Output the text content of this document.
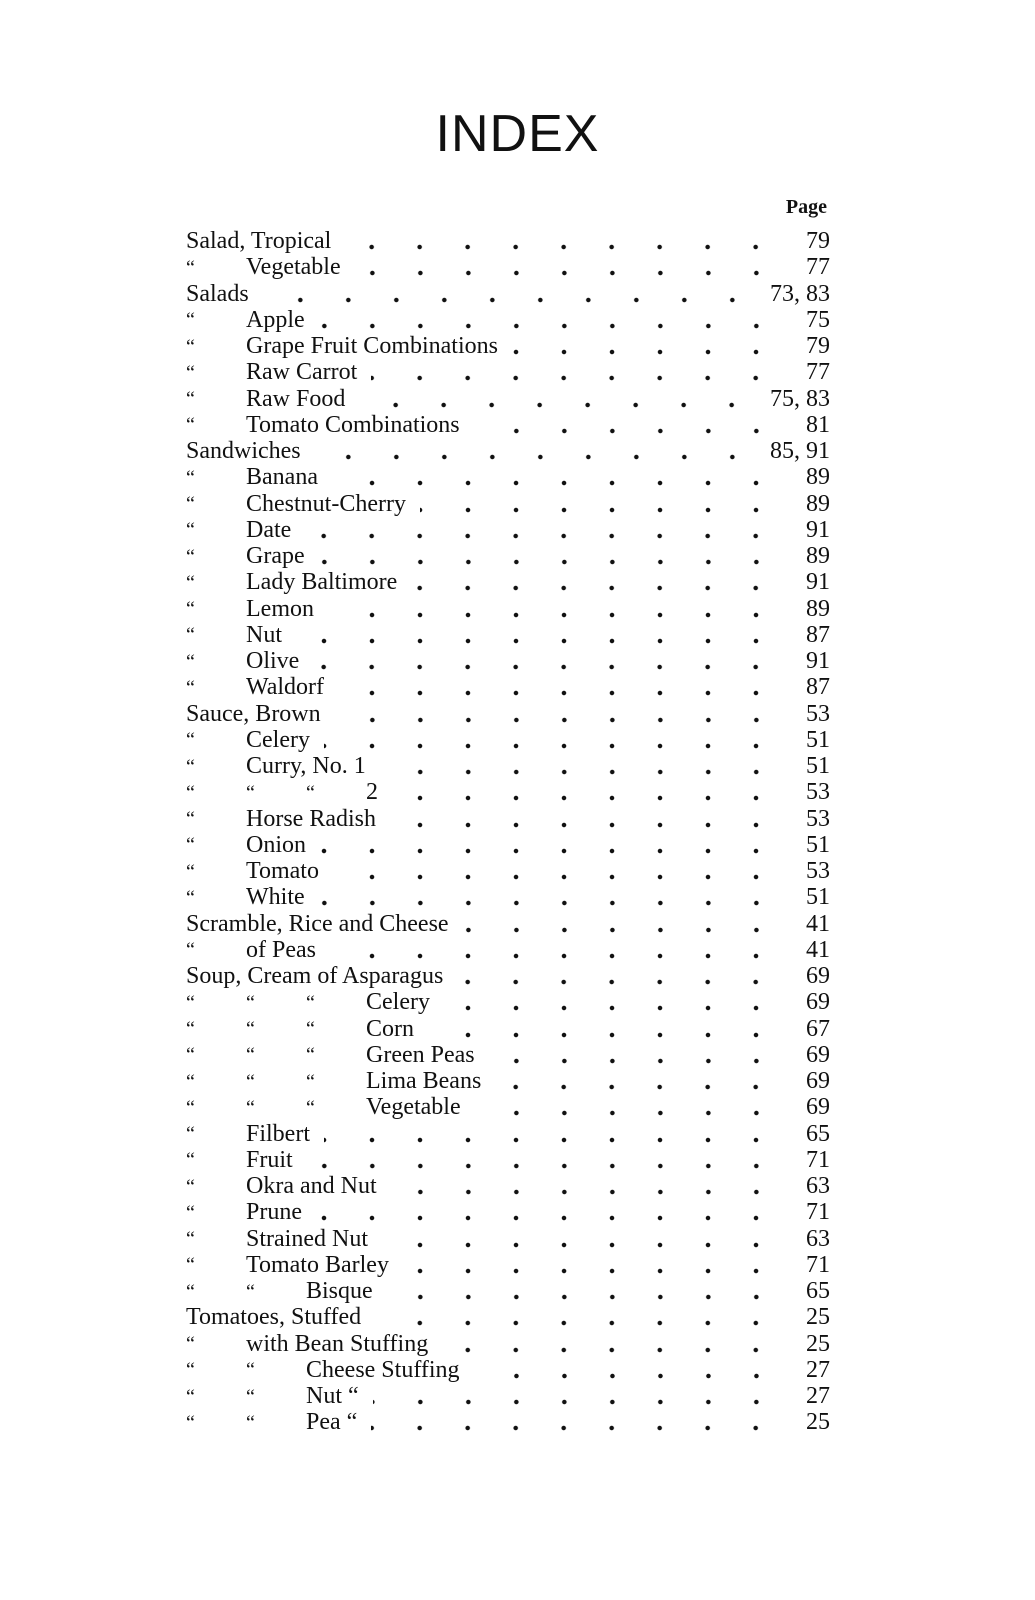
INDEX
Page
Salad, Tropical	79
“	Vegetable	77
Salads	73, 83
“	Apple	75
“	Grape Fruit Combinations	79
“	Raw Carrot	77
“	Raw Food	75, 83
“	Tomato Combinations	81
Sandwiches	85, 91
“	Banana	89
“	Chestnut-Cherry	89
“	Date	91
“	Grape	89
“	Lady Baltimore	91
“	Lemon	89
“	Nut	87
“	Olive	91
“	Waldorf	87
Sauce, Brown	53
“	Celery	51
“	Curry, No. 1	51
“	“	“	2	53
“	Horse Radish	53
“	Onion	51
“	Tomato	53
“	White	51
Scramble, Rice and Cheese	41
“	of Peas	41
Soup, Cream of Asparagus	69
“	“	“	Celery	69
“	“	“	Corn	67
“	“	“	Green Peas	69
“	“	“	Lima Beans	69
“	“	“	Vegetable	69
“	Filbert	65
“	Fruit	71
“	Okra and Nut	63
“	Prune	71
“	Strained Nut	63
“	Tomato Barley	71
“	“	Bisque	65
Tomatoes, Stuffed	25
“	with Bean Stuffing	25
“	“	Cheese Stuffing	27
“	“	Nut “	27
“	“	Pea “	25
